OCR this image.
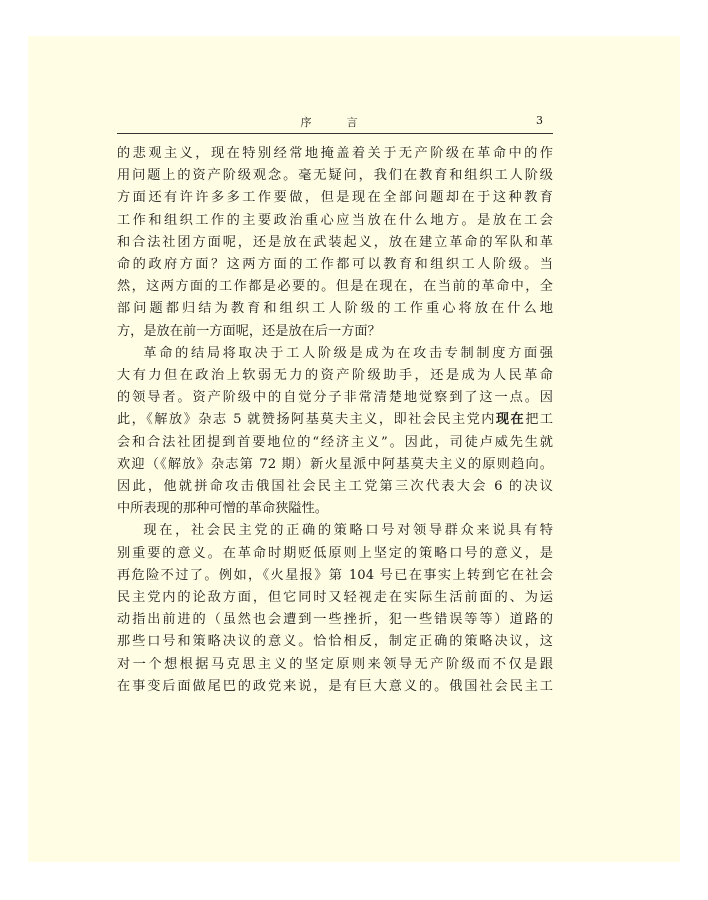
序　言	3
的悲观主义，现在特别经常地掩盖着关于无产阶级在革命中的作
用问题上的资产阶级观念。毫无疑问，我们在教育和组织工人阶级
方面还有许许多多工作要做，但是现在全部问题却在于这种教育
工作和组织工作的主要政治重心应当放在什么地方。是放在工会
和合法社团方面呢，还是放在武装起义，放在建立革命的军队和革
命的政府方面？这两方面的工作都可以教育和组织工人阶级。当
然，这两方面的工作都是必要的。但是在现在，在当前的革命中，全
部问题都归结为教育和组织工人阶级的工作重心将放在什么地
方，是放在前一方面呢，还是放在后一方面？
革命的结局将取决于工人阶级是成为在攻击专制制度方面强
大有力但在政治上软弱无力的资产阶级助手，还是成为人民革命
的领导者。资产阶级中的自觉分子非常清楚地觉察到了这一点。因
此，《解放》杂志 5 就赞扬阿基莫夫主义，即社会民主党内现在把工
会和合法社团提到首要地位的“经济主义”。因此，司徒卢威先生就
欢迎（《解放》杂志第 72 期）新火星派中阿基莫夫主义的原则趋向。
因此，他就拼命攻击俄国社会民主工党第三次代表大会 6 的决议
中所表现的那种可憎的革命狭隘性。
现在，社会民主党的正确的策略口号对领导群众来说具有特
别重要的意义。在革命时期贬低原则上坚定的策略口号的意义，是
再危险不过了。例如，《火星报》第 104 号已在事实上转到它在社会
民主党内的论敌方面，但它同时又轻视走在实际生活前面的、为运
动指出前进的（虽然也会遭到一些挫折，犯一些错误等等）道路的
那些口号和策略决议的意义。恰恰相反，制定正确的策略决议，这
对一个想根据马克思主义的坚定原则来领导无产阶级而不仅是跟
在事变后面做尾巴的政党来说，是有巨大意义的。俄国社会民主工
